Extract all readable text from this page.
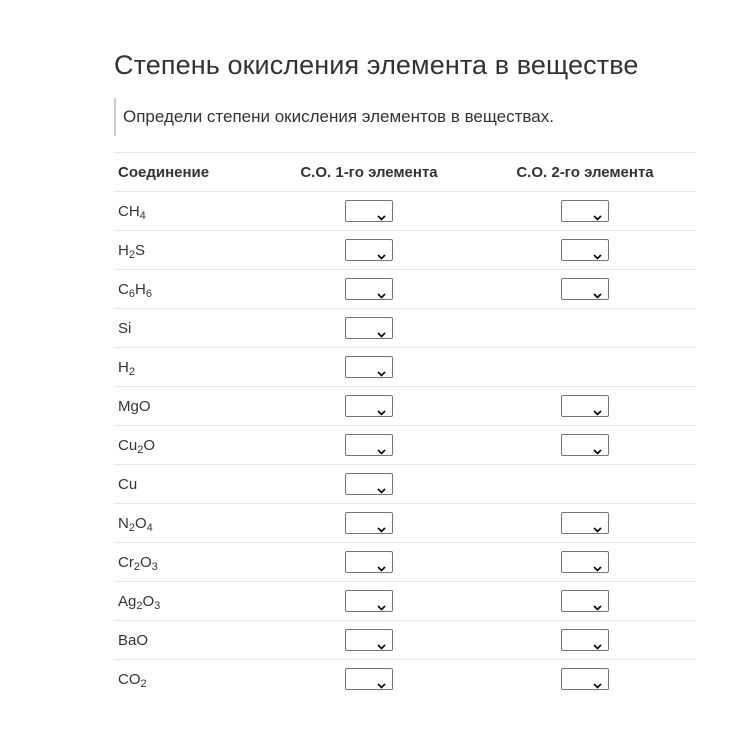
Степень окисления элемента в веществе
Определи степени окисления элементов в веществах.
Соединение	С.О. 1-го элемента	С.О. 2-го элемента
$CH_4$	

$H_2S$	

$C_6H_6$	

Si	

$H_2$	

MgO	

$Cu_2O$	

Cu	

$N_2O_4$	

$Cr_2O_3$	

$Ag_2O_3$	

BaO	

$CO_2$	
